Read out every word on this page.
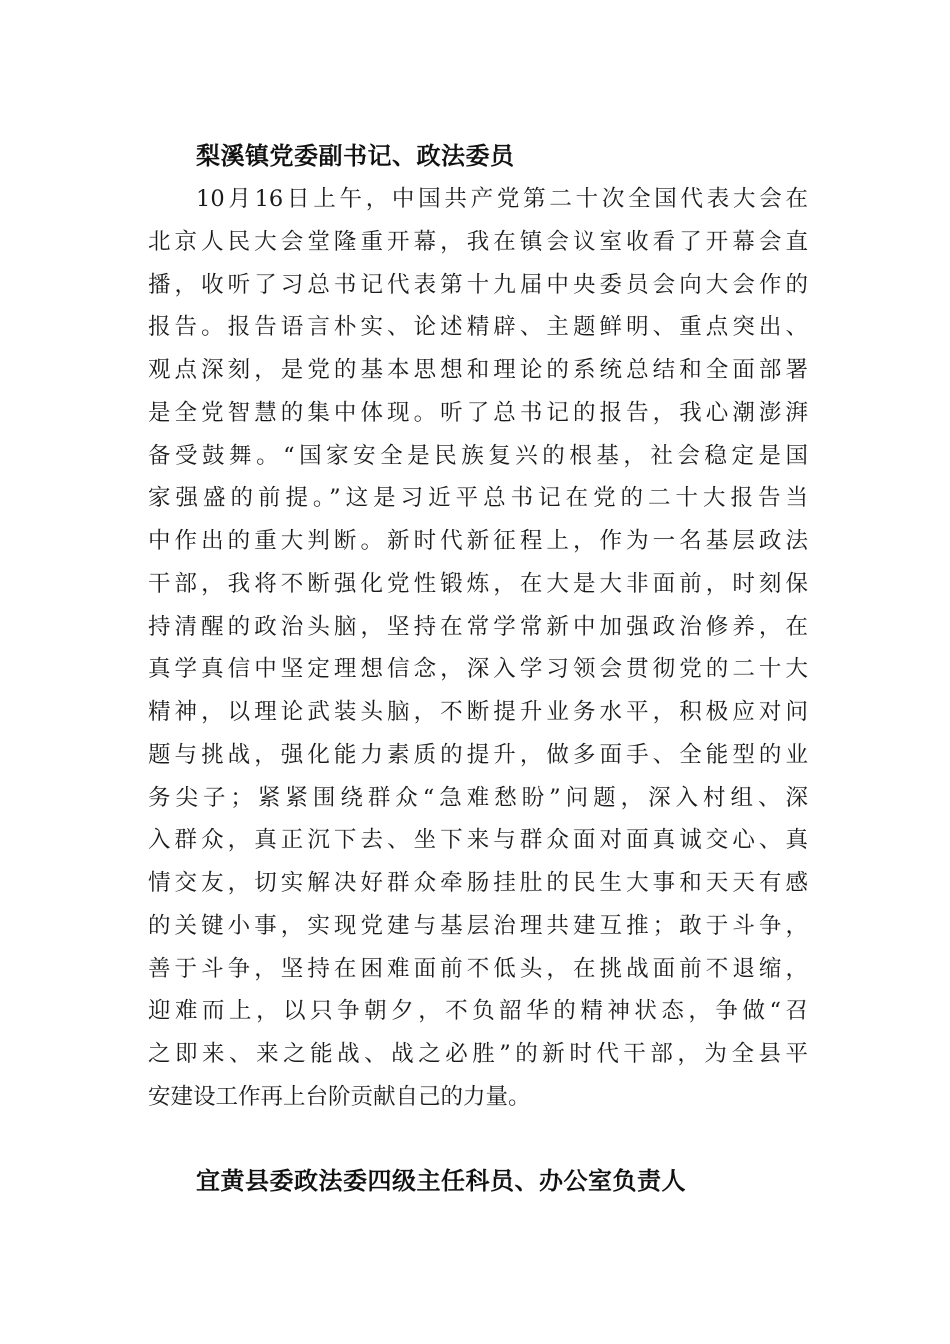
梨溪镇党委副书记、政法委员
10月16日上午，中国共产党第二十次全国代表大会在
北京人民大会堂隆重开幕，我在镇会议室收看了开幕会直
播，收听了习总书记代表第十九届中央委员会向大会作的
报告。报告语言朴实、论述精辟、主题鲜明、重点突出、
观点深刻，是党的基本思想和理论的系统总结和全面部署
是全党智慧的集中体现。听了总书记的报告，我心潮澎湃
备受鼓舞。“国家安全是民族复兴的根基，社会稳定是国
家强盛的前提。”这是习近平总书记在党的二十大报告当
中作出的重大判断。新时代新征程上，作为一名基层政法
干部，我将不断强化党性锻炼，在大是大非面前，时刻保
持清醒的政治头脑，坚持在常学常新中加强政治修养，在
真学真信中坚定理想信念，深入学习领会贯彻党的二十大
精神，以理论武装头脑，不断提升业务水平，积极应对问
题与挑战，强化能力素质的提升，做多面手、全能型的业
务尖子；紧紧围绕群众“急难愁盼”问题，深入村组、深
入群众，真正沉下去、坐下来与群众面对面真诚交心、真
情交友，切实解决好群众牵肠挂肚的民生大事和天天有感
的关键小事，实现党建与基层治理共建互推；敢于斗争，
善于斗争，坚持在困难面前不低头，在挑战面前不退缩，
迎难而上，以只争朝夕，不负韶华的精神状态，争做“召
之即来、来之能战、战之必胜”的新时代干部，为全县平
安建设工作再上台阶贡献自己的力量。
宜黄县委政法委四级主任科员、办公室负责人
